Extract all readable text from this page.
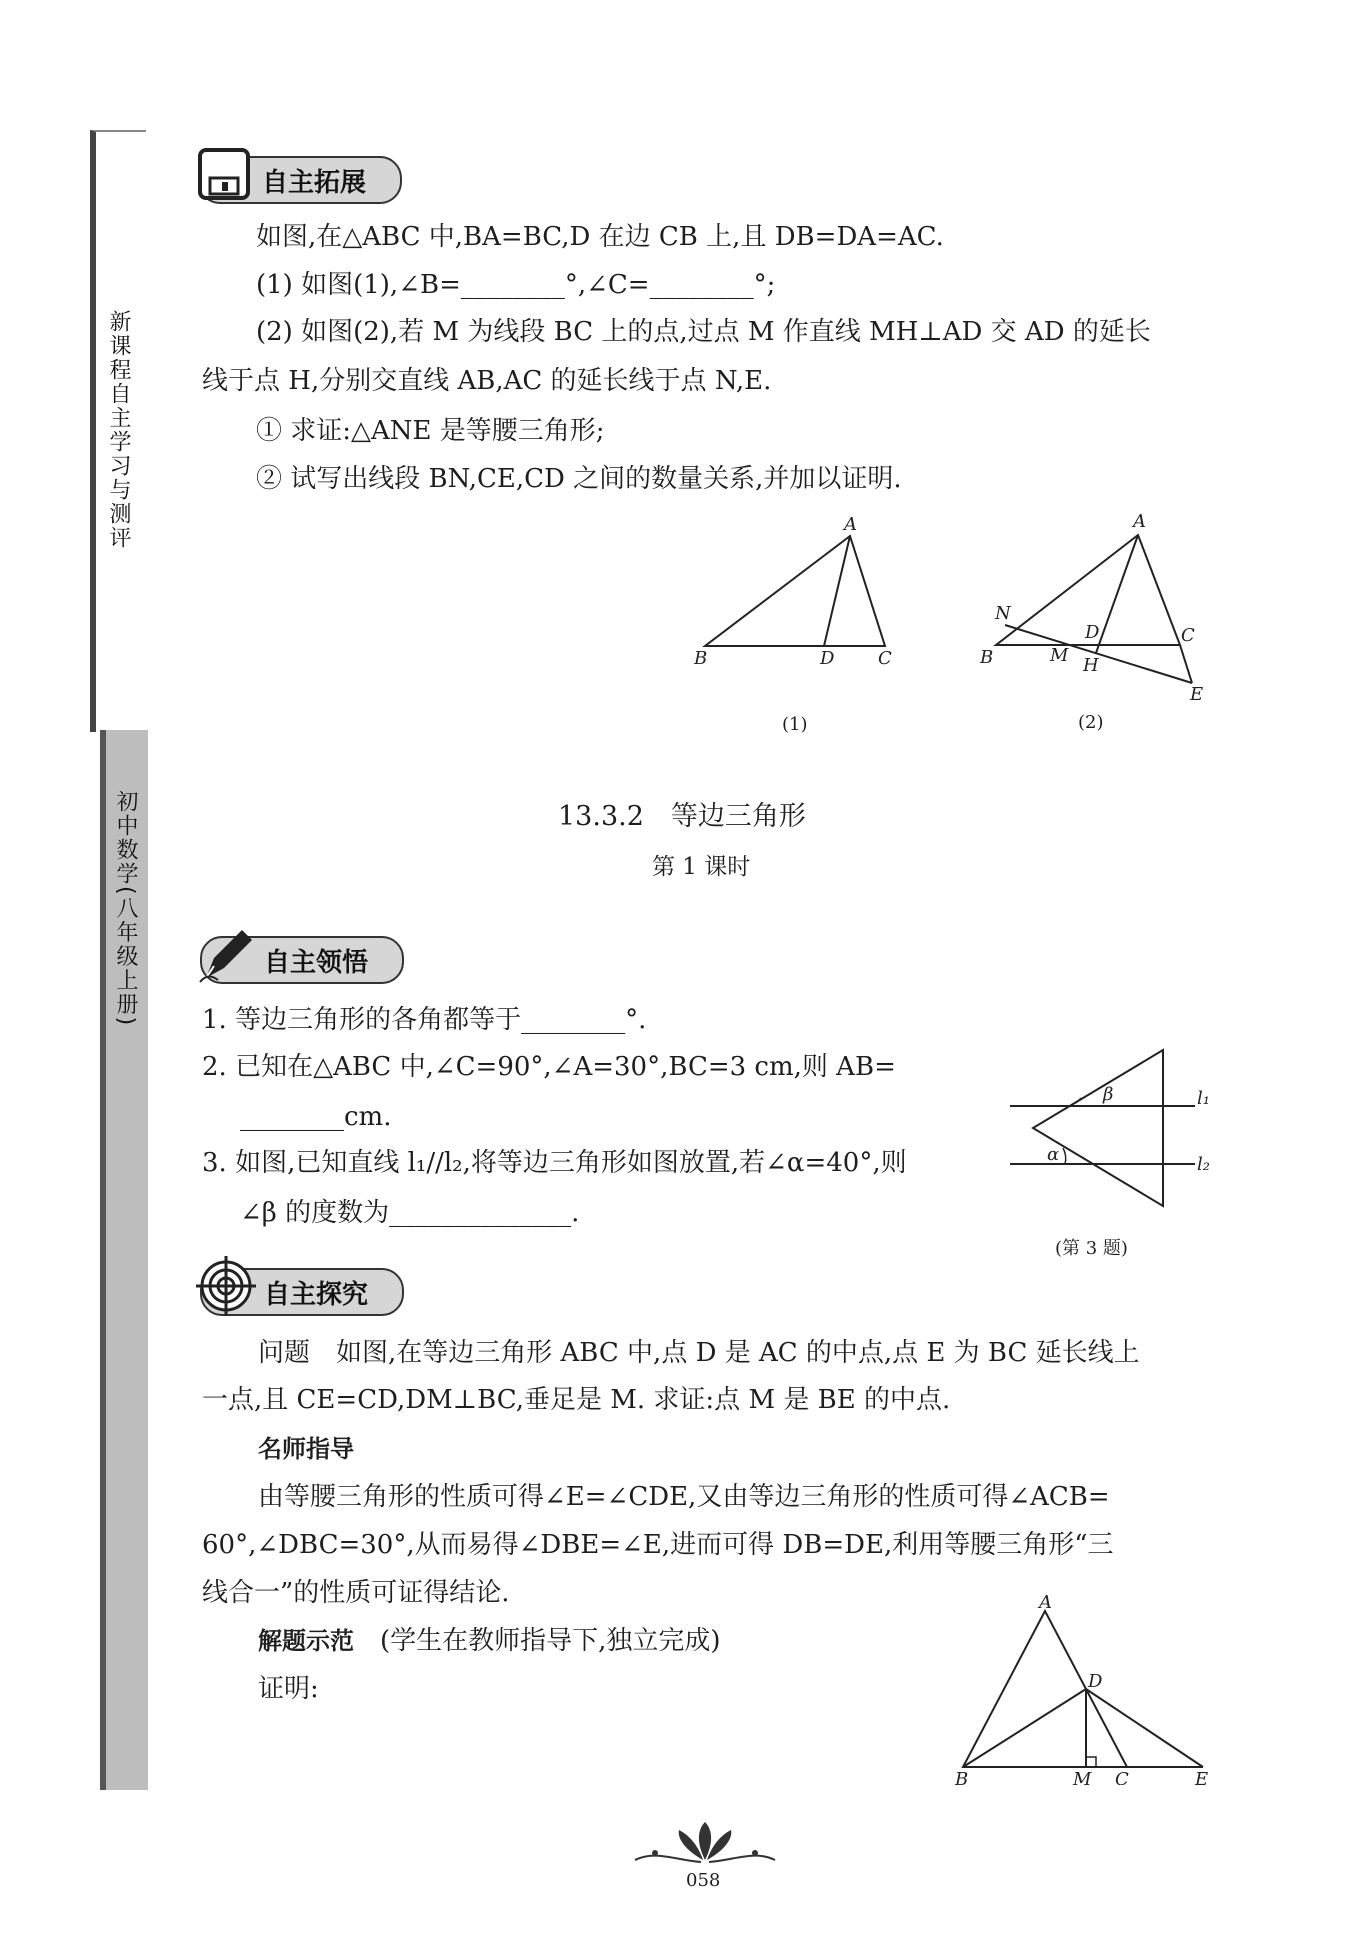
新课程自主学习与测评
初中数学(八年级上册)
自主拓展
如图,在△ABC 中,BA=BC,D 在边 CB 上,且 DB=DA=AC.
(1) 如图(1),∠B=________°,∠C=________°;
(2) 如图(2),若 M 为线段 BC 上的点,过点 M 作直线 MH⊥AD 交 AD 的延长
线于点 H,分别交直线 AB,AC 的延长线于点 N,E.
① 求证:△ANE 是等腰三角形;
② 试写出线段 BN,CE,CD 之间的数量关系,并加以证明.
A
B	D C
(1)
A
N
D	C
B	M H
E
(2)
13.3.2　等边三角形
第 1 课时
自主领悟
1. 等边三角形的各角都等于________°.
2. 已知在△ABC 中,∠C=90°,∠A=30°,BC=3 cm,则 AB=
________cm.
3. 如图,已知直线 l₁//l₂,将等边三角形如图放置,若∠α=40°,则
∠β 的度数为______________.
β
α
l₁
l₂
(第 3 题)
自主探究
问题　如图,在等边三角形 ABC 中,点 D 是 AC 的中点,点 E 为 BC 延长线上
一点,且 CE=CD,DM⊥BC,垂足是 M. 求证:点 M 是 BE 的中点.
名师指导
由等腰三角形的性质可得∠E=∠CDE,又由等边三角形的性质可得∠ACB=
60°,∠DBC=30°,从而易得∠DBE=∠E,进而可得 DB=DE,利用等腰三角形“三
线合一”的性质可证得结论.
解题示范　 (学生在教师指导下,独立完成)
证明:
A
D
B	M C	E
058
